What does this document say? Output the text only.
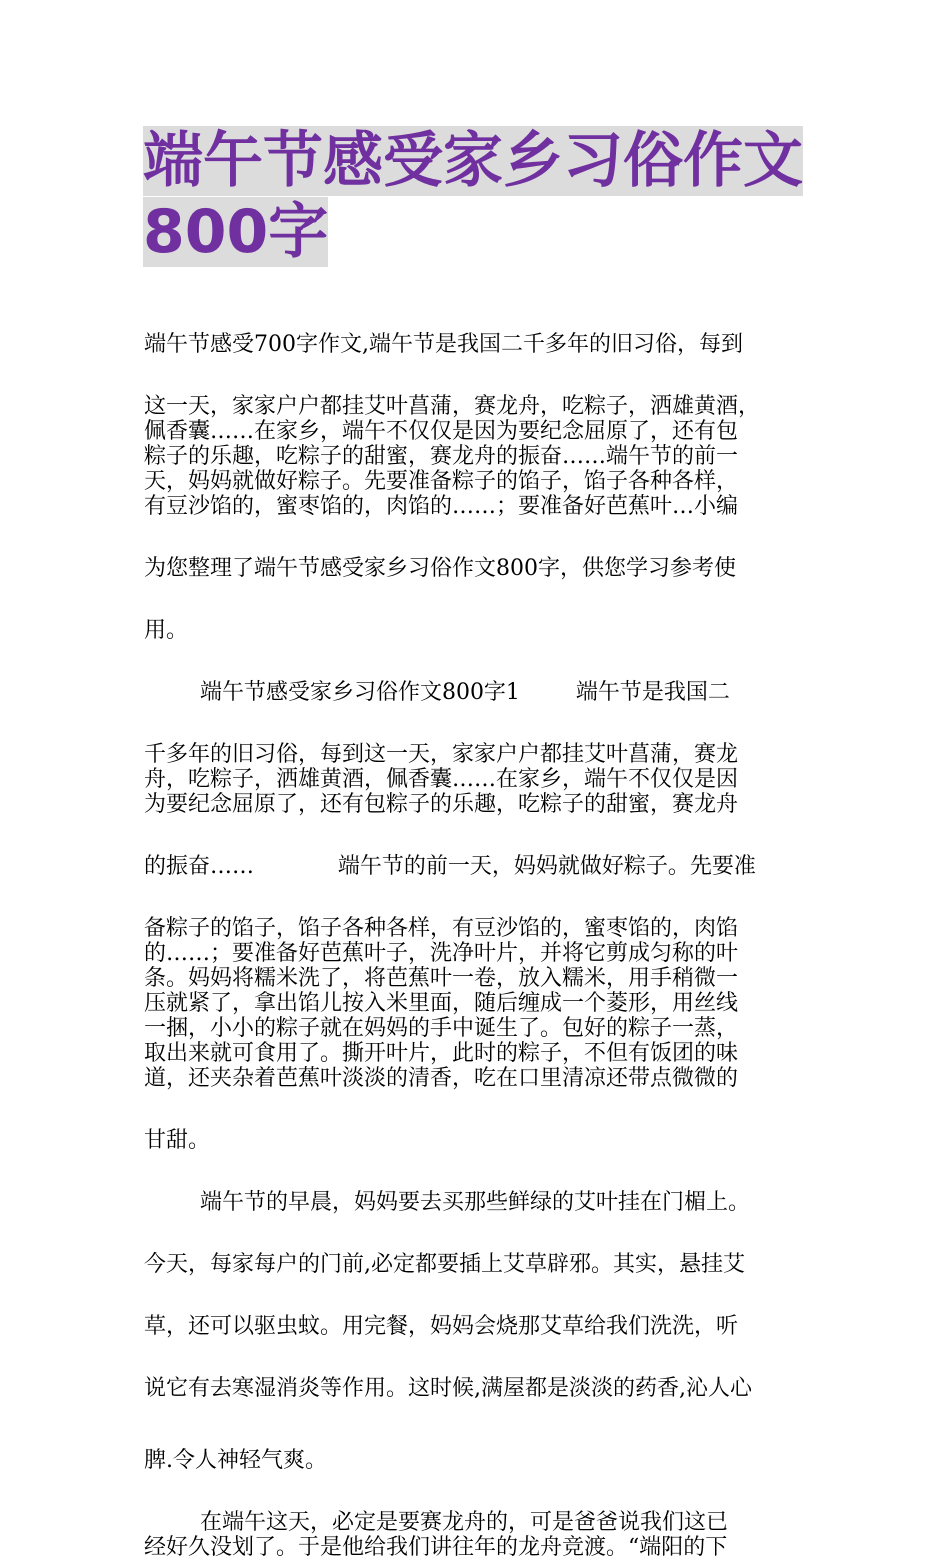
端午节感受家乡习俗作文800字
端午节感受700字作文,端午节是我国二千多年的旧习俗，每到
这一天，家家户户都挂艾叶菖蒲，赛龙舟，吃粽子，洒雄黄酒，
佩香囊……在家乡，端午不仅仅是因为要纪念屈原了，还有包
粽子的乐趣，吃粽子的甜蜜，赛龙舟的振奋……端午节的前一
天，妈妈就做好粽子。先要准备粽子的馅子，馅子各种各样，
有豆沙馅的，蜜枣馅的，肉馅的……；要准备好芭蕉叶…小编
为您整理了端午节感受家乡习俗作文800字，供您学习参考使
用。
端午节感受家乡习俗作文800字1        端午节是我国二
千多年的旧习俗，每到这一天，家家户户都挂艾叶菖蒲，赛龙
舟，吃粽子，洒雄黄酒，佩香囊……在家乡，端午不仅仅是因
为要纪念屈原了，还有包粽子的乐趣，吃粽子的甜蜜，赛龙舟
的振奋……            端午节的前一天，妈妈就做好粽子。先要准
备粽子的馅子，馅子各种各样，有豆沙馅的，蜜枣馅的，肉馅
的……；要准备好芭蕉叶子，洗净叶片，并将它剪成匀称的叶
条。妈妈将糯米洗了，将芭蕉叶一卷，放入糯米，用手稍微一
压就紧了，拿出馅儿按入米里面，随后缠成一个菱形，用丝线
一捆，小小的粽子就在妈妈的手中诞生了。包好的粽子一蒸，
取出来就可食用了。撕开叶片，此时的粽子，不但有饭团的味
道，还夹杂着芭蕉叶淡淡的清香，吃在口里清凉还带点微微的
甘甜。
端午节的早晨，妈妈要去买那些鲜绿的艾叶挂在门楣上。
今天，每家每户的门前,必定都要插上艾草辟邪。其实，悬挂艾
草，还可以驱虫蚊。用完餐，妈妈会烧那艾草给我们洗洗，听
说它有去寒湿消炎等作用。这时候,满屋都是淡淡的药香,沁人心
脾.令人神轻气爽。
在端午这天，必定是要赛龙舟的，可是爸爸说我们这已
经好久没划了。于是他给我们讲往年的龙舟竞渡。“端阳的下
